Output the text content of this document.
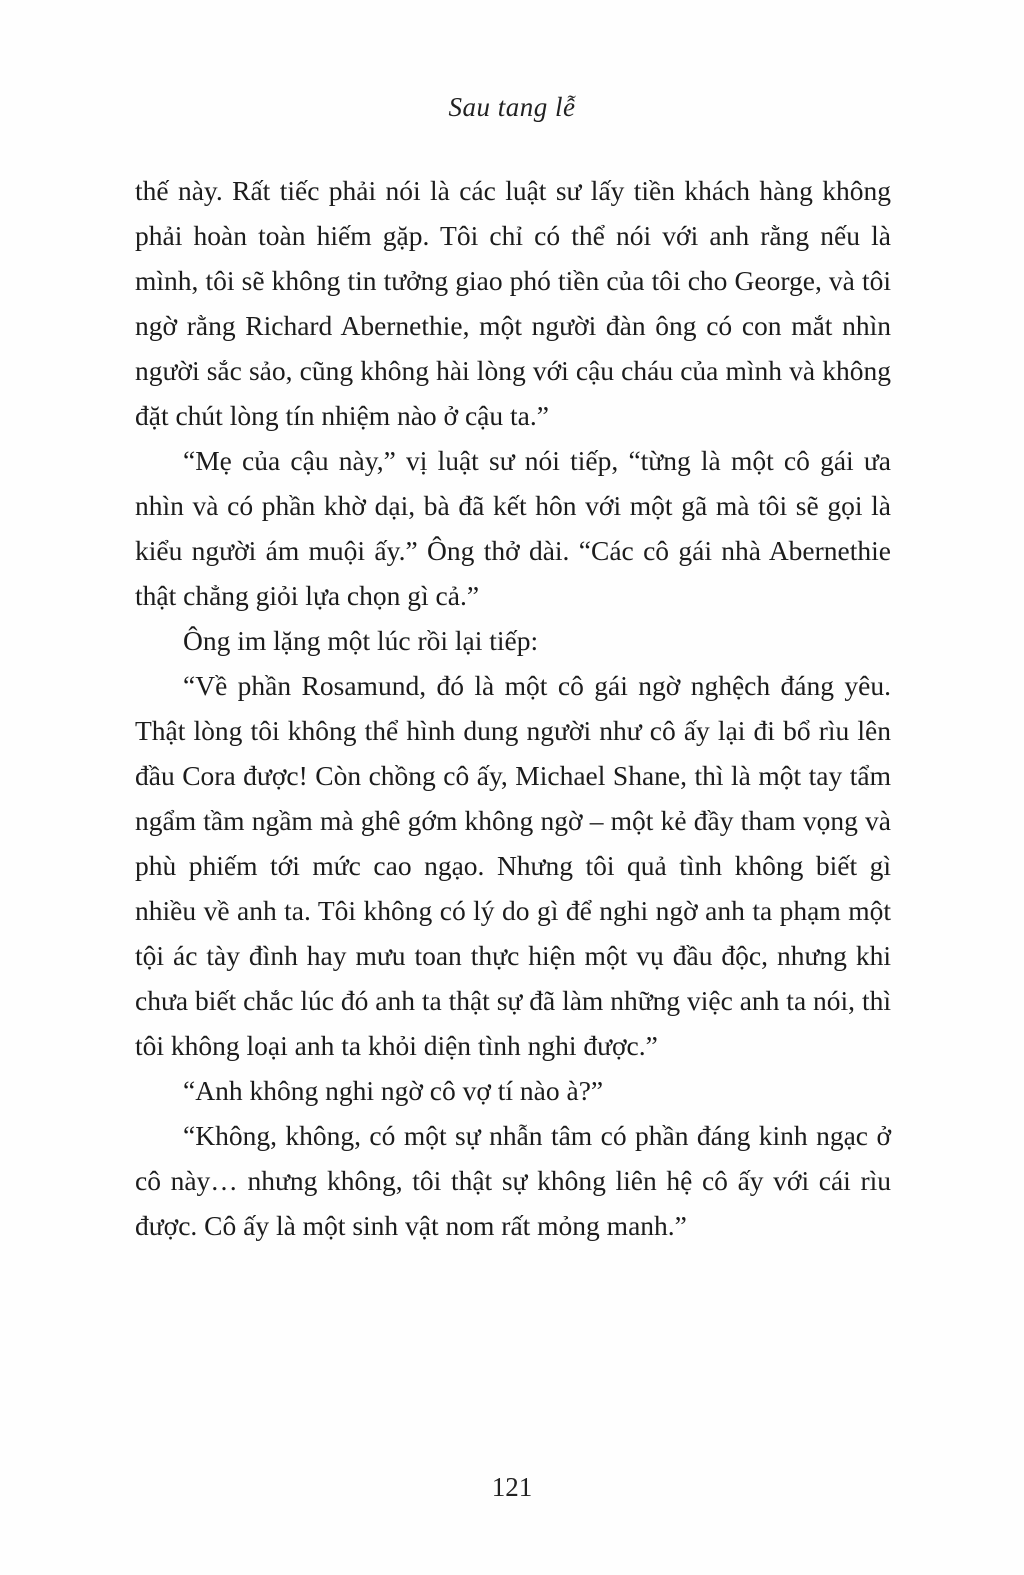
Sau tang lễ

thế này. Rất tiếc phải nói là các luật sư lấy tiền khách hàng không phải hoàn toàn hiếm gặp. Tôi chỉ có thể nói với anh rằng nếu là mình, tôi sẽ không tin tưởng giao phó tiền của tôi cho George, và tôi ngờ rằng Richard Abernethie, một người đàn ông có con mắt nhìn người sắc sảo, cũng không hài lòng với cậu cháu của mình và không đặt chút lòng tín nhiệm nào ở cậu ta.”

“Mẹ của cậu này,” vị luật sư nói tiếp, “từng là một cô gái ưa nhìn và có phần khờ dại, bà đã kết hôn với một gã mà tôi sẽ gọi là kiểu người ám muội ấy.” Ông thở dài. “Các cô gái nhà Abernethie thật chẳng giỏi lựa chọn gì cả.”

Ông im lặng một lúc rồi lại tiếp:

“Về phần Rosamund, đó là một cô gái ngờ nghệch đáng yêu. Thật lòng tôi không thể hình dung người như cô ấy lại đi bổ rìu lên đầu Cora được! Còn chồng cô ấy, Michael Shane, thì là một tay tẩm ngẩm tầm ngầm mà ghê gớm không ngờ – một kẻ đầy tham vọng và phù phiếm tới mức cao ngạo. Nhưng tôi quả tình không biết gì nhiều về anh ta. Tôi không có lý do gì để nghi ngờ anh ta phạm một tội ác tày đình hay mưu toan thực hiện một vụ đầu độc, nhưng khi chưa biết chắc lúc đó anh ta thật sự đã làm những việc anh ta nói, thì tôi không loại anh ta khỏi diện tình nghi được.”

“Anh không nghi ngờ cô vợ tí nào à?”

“Không, không, có một sự nhẫn tâm có phần đáng kinh ngạc ở cô này… nhưng không, tôi thật sự không liên hệ cô ấy với cái rìu được. Cô ấy là một sinh vật nom rất mỏng manh.”

121
